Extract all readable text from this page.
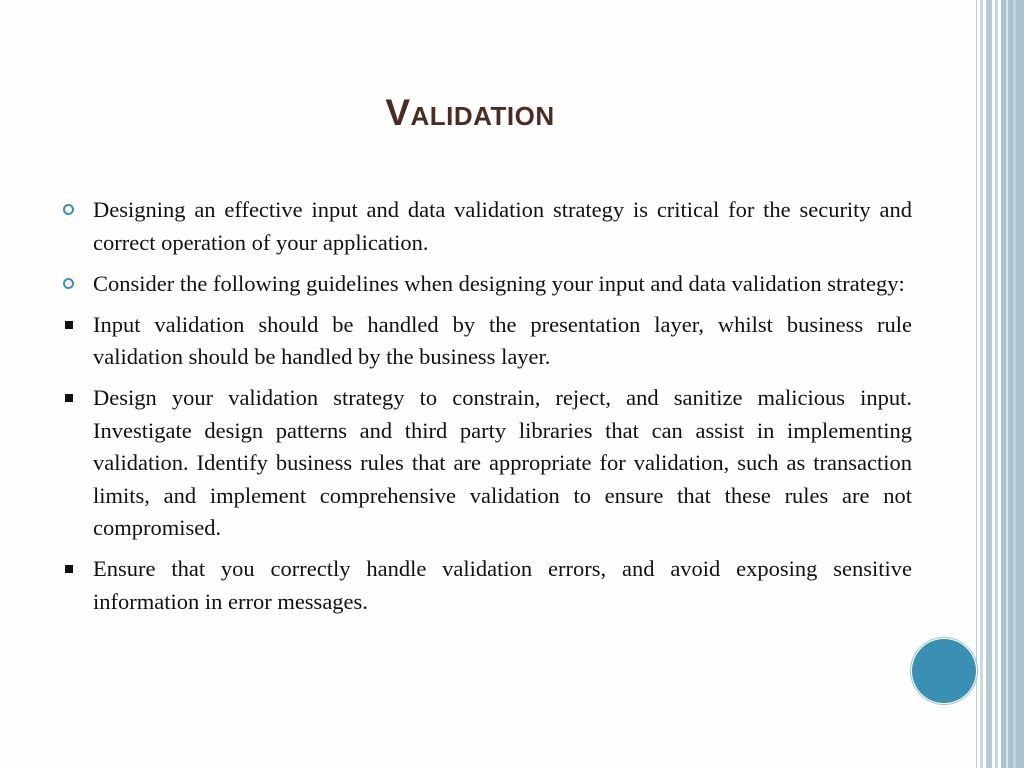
Validation
Designing an effective input and data validation strategy is critical for the security and correct operation of your application.
Consider the following guidelines when designing your input and data validation strategy:
Input validation should be handled by the presentation layer, whilst business rule validation should be handled by the business layer.
Design your validation strategy to constrain, reject, and sanitize malicious input. Investigate design patterns and third party libraries that can assist in implementing validation. Identify business rules that are appropriate for validation, such as transaction limits, and implement comprehensive validation to ensure that these rules are not compromised.
Ensure that you correctly handle validation errors, and avoid exposing sensitive information in error messages.
